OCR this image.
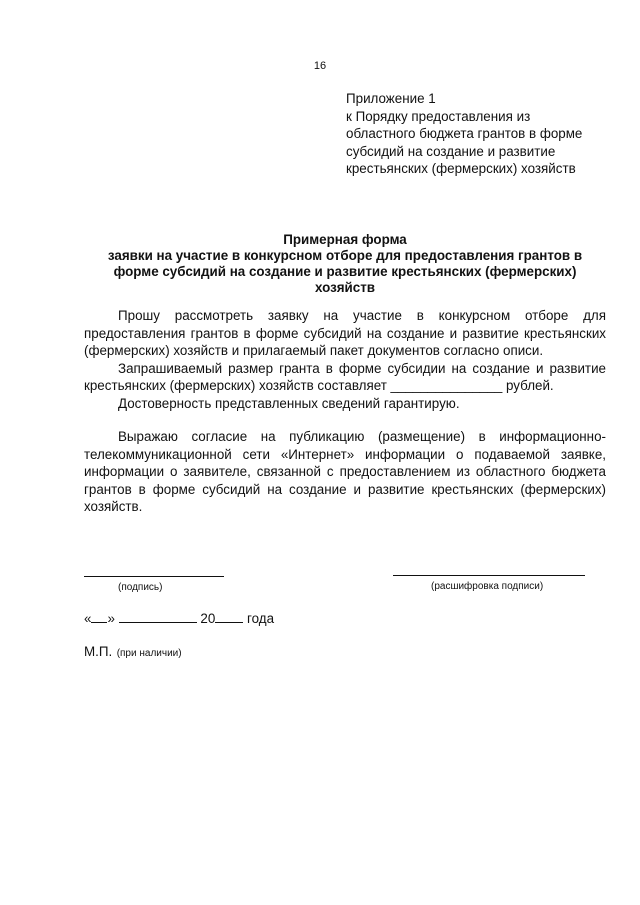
16
Приложение 1
к Порядку предоставления из
областного бюджета грантов в форме
субсидий на создание и развитие
крестьянских (фермерских) хозяйств
Примерная форма
заявки на участие в конкурсном отборе для предоставления грантов в форме субсидий на создание и развитие крестьянских (фермерских) хозяйств

Прошу рассмотреть заявку на участие в конкурсном отборе для предоставления грантов в форме субсидий на создание и развитие крестьянских (фермерских) хозяйств и прилагаемый пакет документов согласно описи.

Запрашиваемый размер гранта в форме субсидии на создание и развитие крестьянских (фермерских) хозяйств составляет _______________ рублей.

Достоверность представленных сведений гарантирую.

Выражаю согласие на публикацию (размещение) в информационно-телекоммуникационной сети «Интернет» информации о подаваемой заявке, информации о заявителе, связанной с предоставлением из областного бюджета грантов в форме субсидий на создание и развитие крестьянских (фермерских) хозяйств.

(подпись)	(расшифровка подписи)
« »	20 года
М.П. (при наличии)
